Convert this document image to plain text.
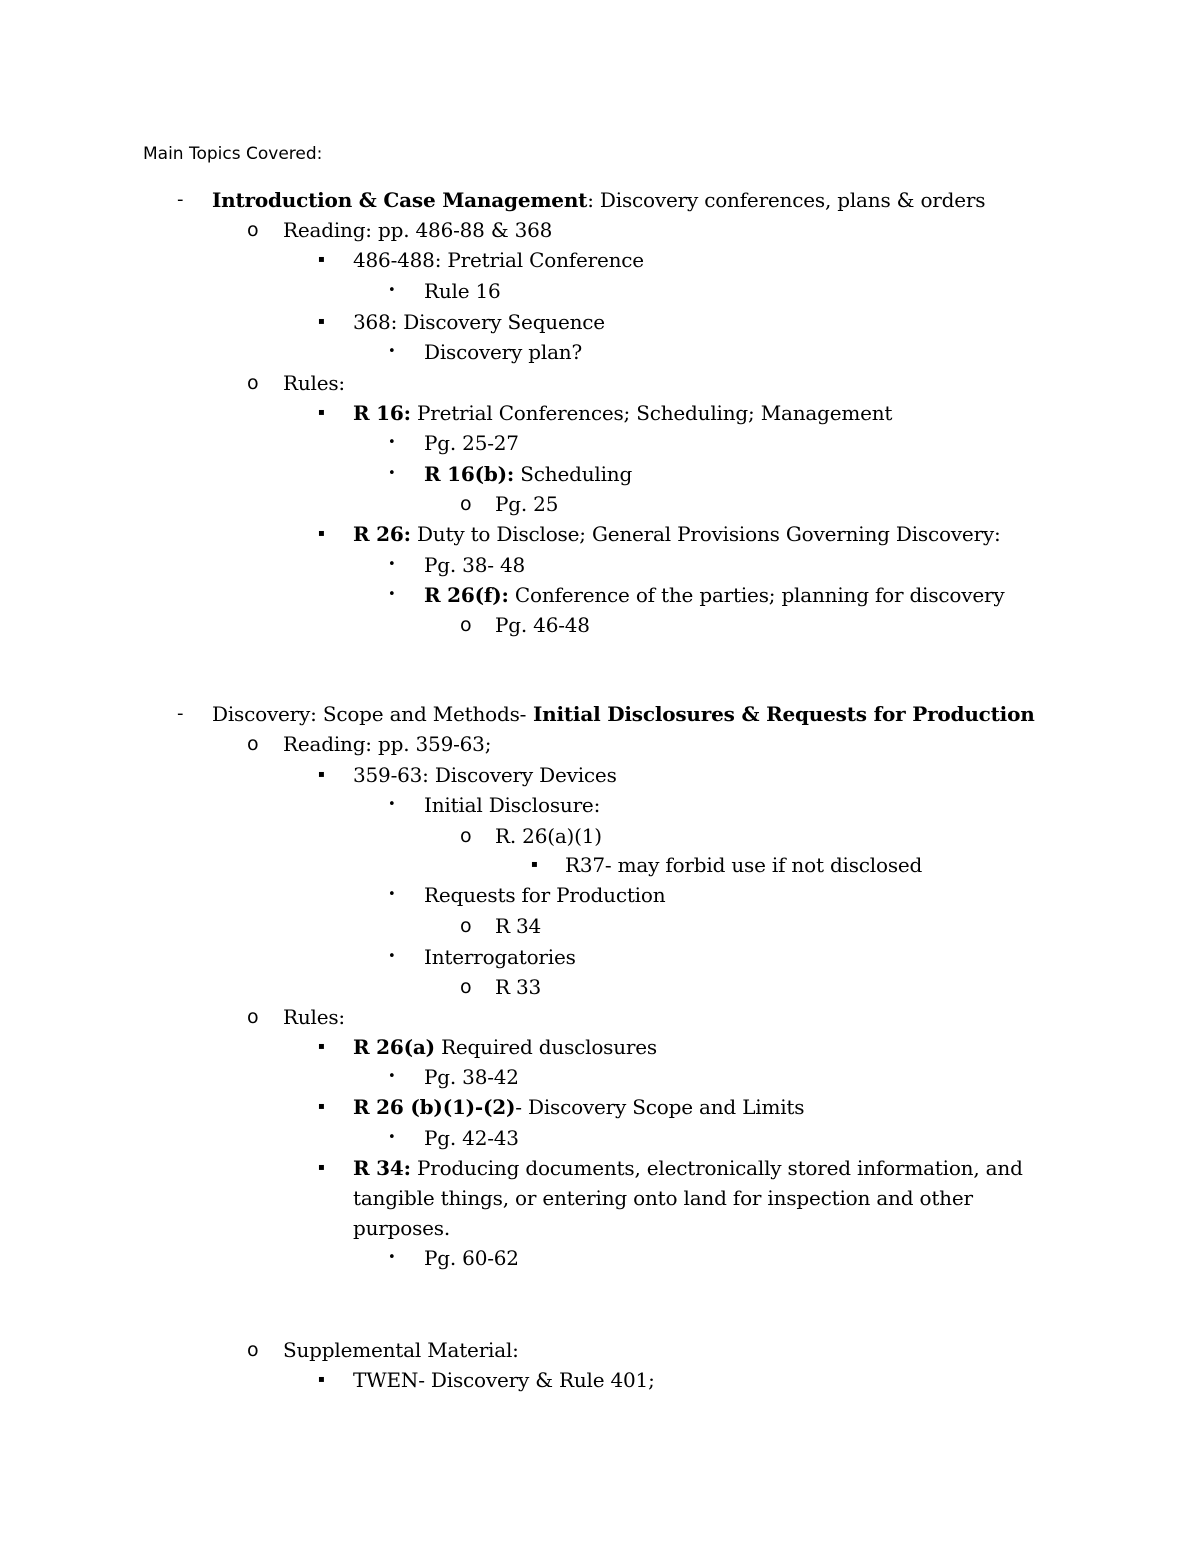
Main Topics Covered:
- Introduction & Case Management: Discovery conferences, plans & orders
o Reading: pp. 486-88 & 368
▪ 486-488: Pretrial Conference
• Rule 16
▪ 368: Discovery Sequence
• Discovery plan?
o Rules:
▪ R 16: Pretrial Conferences; Scheduling; Management
• Pg. 25-27
• R 16(b): Scheduling
o Pg. 25
▪ R 26: Duty to Disclose; General Provisions Governing Discovery:
• Pg. 38- 48
• R 26(f): Conference of the parties; planning for discovery
o Pg. 46-48
- Discovery: Scope and Methods- Initial Disclosures & Requests for Production
o Reading: pp. 359-63;
▪ 359-63: Discovery Devices
• Initial Disclosure:
o R. 26(a)(1)
▪ R37- may forbid use if not disclosed
• Requests for Production
o R 34
• Interrogatories
o R 33
o Rules:
▪ R 26(a) Required dusclosures
• Pg. 38-42
▪ R 26 (b)(1)-(2)- Discovery Scope and Limits
• Pg. 42-43
▪ R 34: Producing documents, electronically stored information, and
tangible things, or entering onto land for inspection and other
purposes.
• Pg. 60-62
o Supplemental Material:
▪ TWEN- Discovery & Rule 401;
